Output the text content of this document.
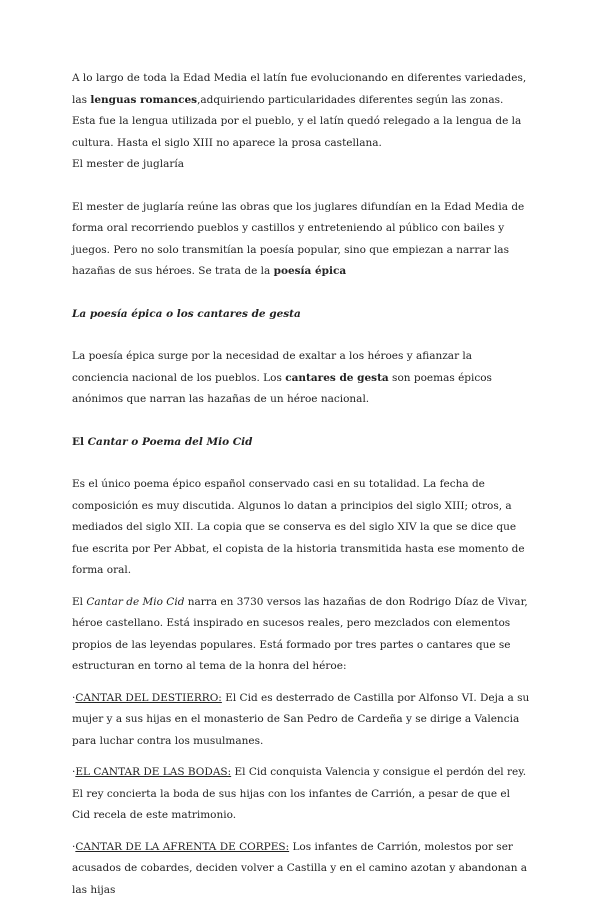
A lo largo de toda la Edad Media el latín fue evolucionando en diferentes variedades, las lenguas romances,adquiriendo particularidades diferentes según las zonas. Esta fue la lengua utilizada por el pueblo, y el latín quedó relegado a la lengua de la cultura. Hasta el siglo XIII no aparece la prosa castellana.

El mester de juglaría

El mester de juglaría reúne las obras que los juglares difundían en la Edad Media de forma oral recorriendo pueblos y castillos y entreteniendo al público con bailes y juegos. Pero no solo transmitían la poesía popular, sino que empiezan a narrar las hazañas de sus héroes. Se trata de la poesía épica

La poesía épica o los cantares de gesta

La poesía épica surge por la necesidad de exaltar a los héroes y afianzar la conciencia nacional de los pueblos. Los cantares de gesta son poemas épicos anónimos que narran las hazañas de un héroe nacional.

El Cantar o Poema del Mio Cid

Es el único poema épico español conservado casi en su totalidad. La fecha de composición es muy discutida. Algunos lo datan a principios del siglo XIII; otros, a mediados del siglo XII. La copia que se conserva es del siglo XIV la que se dice que fue escrita por Per Abbat, el copista de la historia transmitida hasta ese momento de forma oral.

El Cantar de Mio Cid narra en 3730 versos las hazañas de don Rodrigo Díaz de Vivar, héroe castellano. Está inspirado en sucesos reales, pero mezclados con elementos propios de las leyendas populares. Está formado por tres partes o cantares que se estructuran en torno al tema de la honra del héroe:

·CANTAR DEL DESTIERRO: El Cid es desterrado de Castilla por Alfonso VI. Deja a su mujer y a sus hijas en el monasterio de San Pedro de Cardeña y se dirige a Valencia para luchar contra los musulmanes.

·EL CANTAR DE LAS BODAS: El Cid conquista Valencia y consigue el perdón del rey. El rey concierta la boda de sus hijas con los infantes de Carrión, a pesar de que el Cid recela de este matrimonio.

·CANTAR DE LA AFRENTA DE CORPES: Los infantes de Carrión, molestos por ser acusados de cobardes, deciden volver a Castilla y en el camino azotan y abandonan a las hijas
